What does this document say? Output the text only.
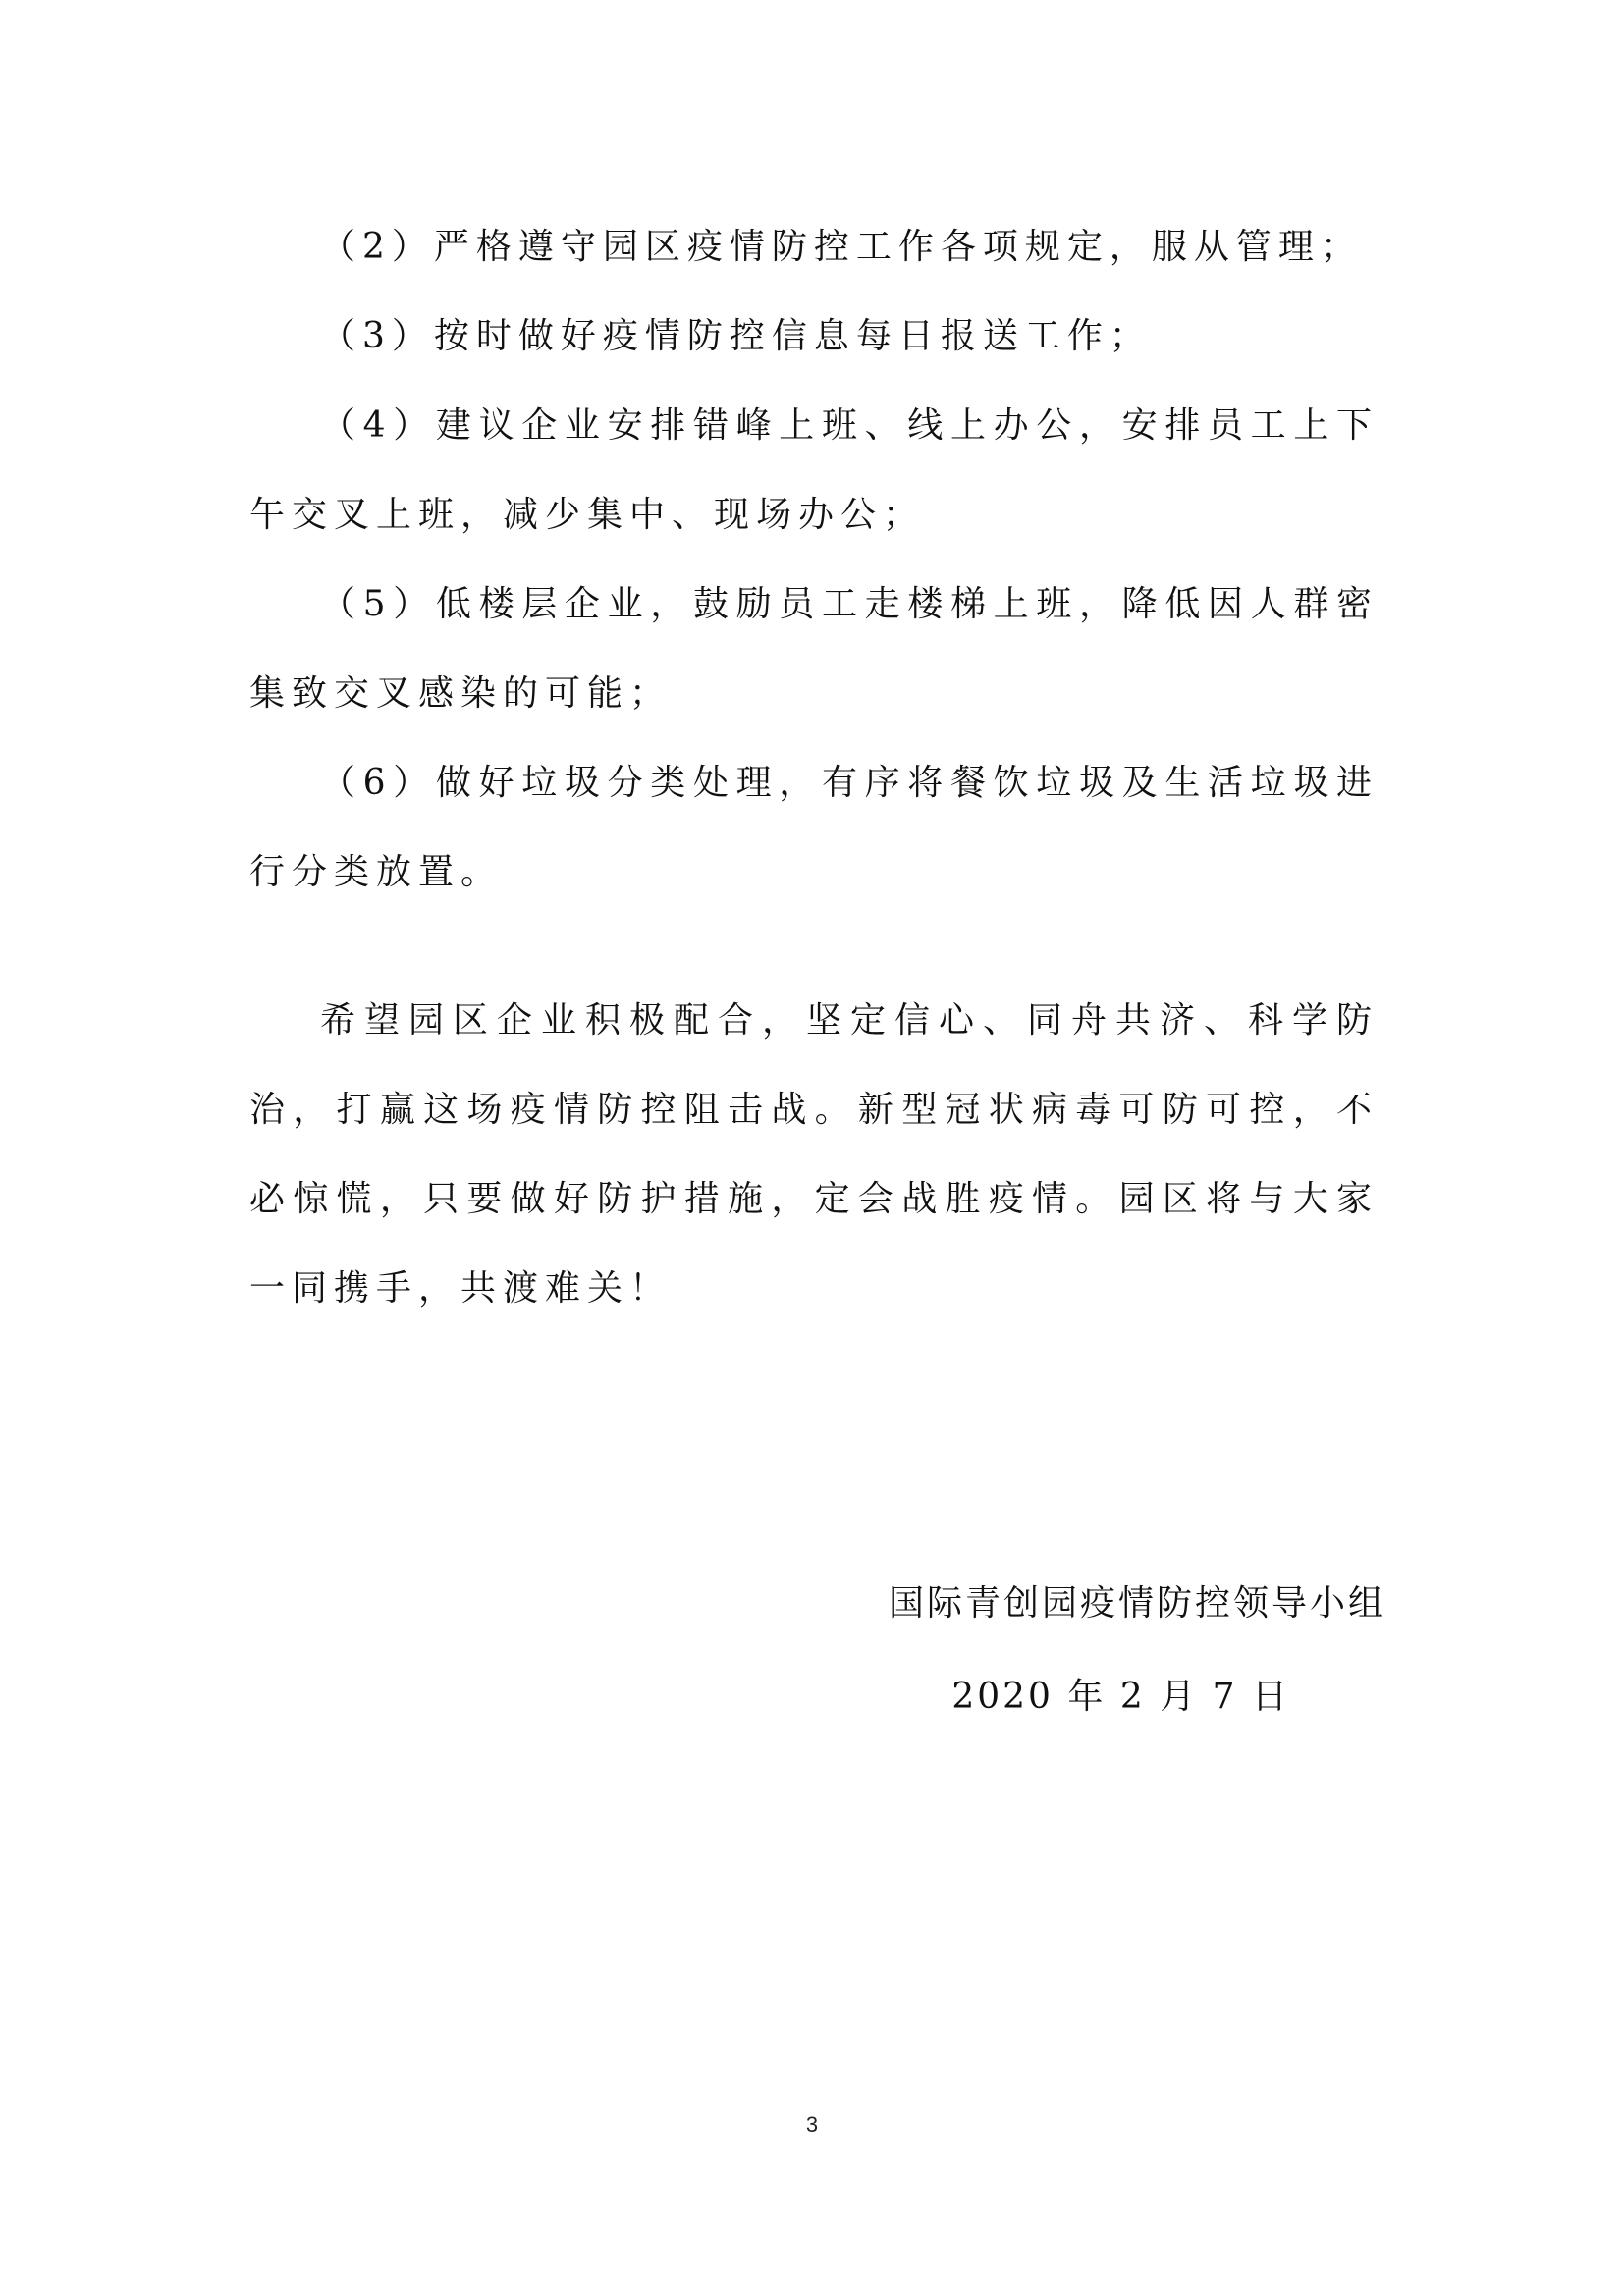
（2）严格遵守园区疫情防控工作各项规定，服从管理；

（3）按时做好疫情防控信息每日报送工作；

（4）建议企业安排错峰上班、线上办公，安排员工上下午交叉上班，减少集中、现场办公；

（5）低楼层企业，鼓励员工走楼梯上班，降低因人群密集致交叉感染的可能；

（6）做好垃圾分类处理，有序将餐饮垃圾及生活垃圾进行分类放置。

希望园区企业积极配合，坚定信心、同舟共济、科学防治，打赢这场疫情防控阻击战。新型冠状病毒可防可控，不必惊慌，只要做好防护措施，定会战胜疫情。园区将与大家一同携手，共渡难关！

国际青创园疫情防控领导小组

2020 年 2 月 7 日

3
